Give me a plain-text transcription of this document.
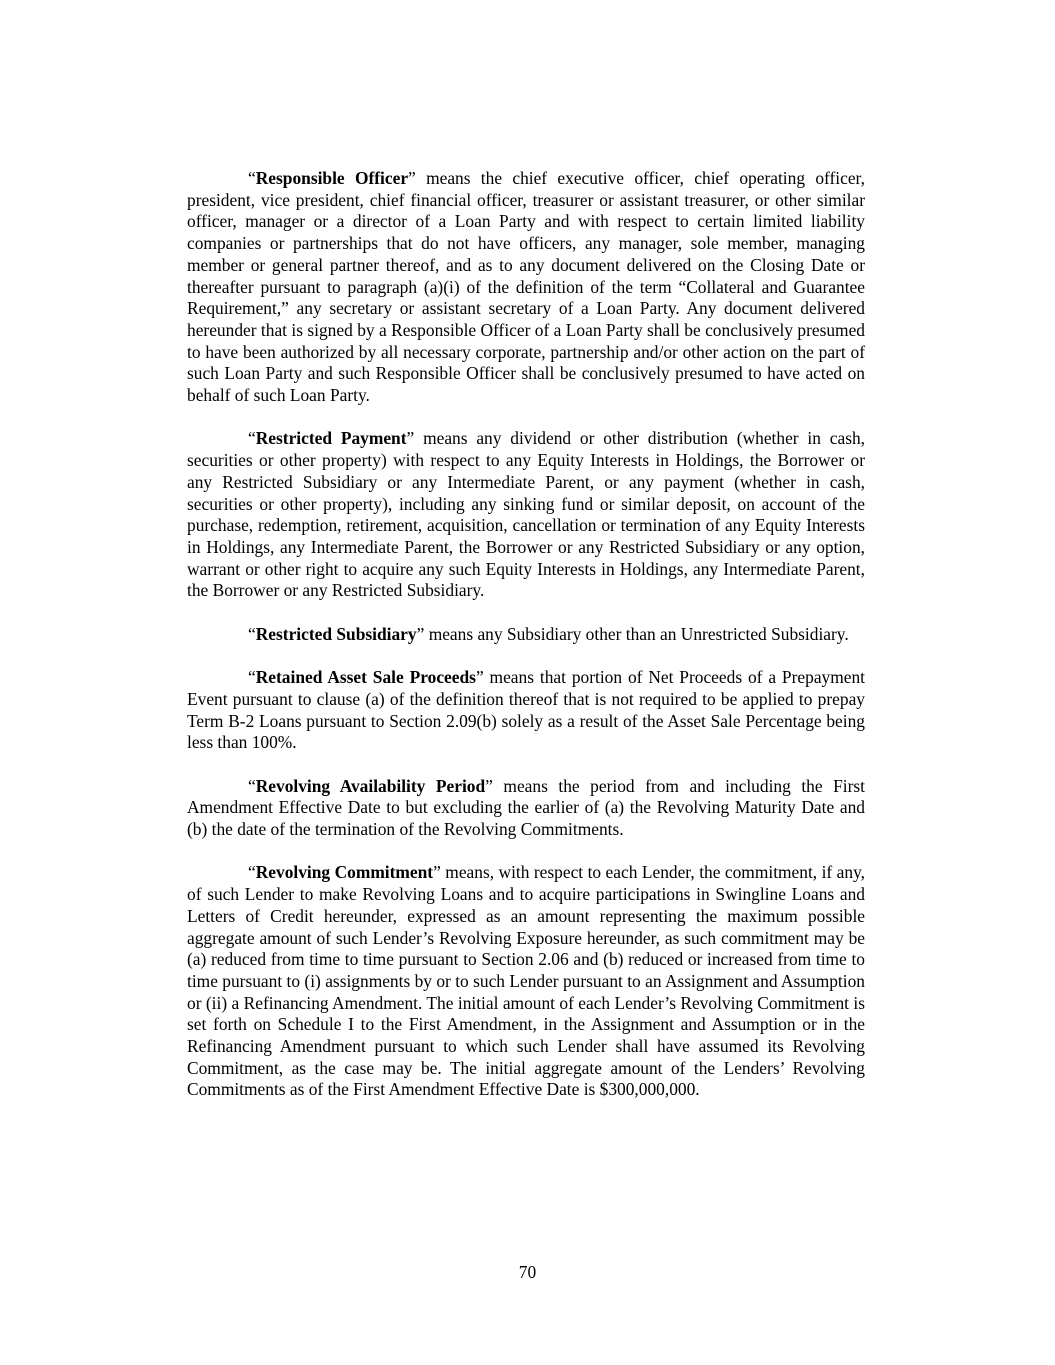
“Responsible Officer” means the chief executive officer, chief operating officer, president, vice president, chief financial officer, treasurer or assistant treasurer, or other similar officer, manager or a director of a Loan Party and with respect to certain limited liability companies or partnerships that do not have officers, any manager, sole member, managing member or general partner thereof, and as to any document delivered on the Closing Date or thereafter pursuant to paragraph (a)(i) of the definition of the term “Collateral and Guarantee Requirement,” any secretary or assistant secretary of a Loan Party. Any document delivered hereunder that is signed by a Responsible Officer of a Loan Party shall be conclusively presumed to have been authorized by all necessary corporate, partnership and/or other action on the part of such Loan Party and such Responsible Officer shall be conclusively presumed to have acted on behalf of such Loan Party.

“Restricted Payment” means any dividend or other distribution (whether in cash, securities or other property) with respect to any Equity Interests in Holdings, the Borrower or any Restricted Subsidiary or any Intermediate Parent, or any payment (whether in cash, securities or other property), including any sinking fund or similar deposit, on account of the purchase, redemption, retirement, acquisition, cancellation or termination of any Equity Interests in Holdings, any Intermediate Parent, the Borrower or any Restricted Subsidiary or any option, warrant or other right to acquire any such Equity Interests in Holdings, any Intermediate Parent, the Borrower or any Restricted Subsidiary.

“Restricted Subsidiary” means any Subsidiary other than an Unrestricted Subsidiary.

“Retained Asset Sale Proceeds” means that portion of Net Proceeds of a Prepayment Event pursuant to clause (a) of the definition thereof that is not required to be applied to prepay Term B-2 Loans pursuant to Section 2.09(b) solely as a result of the Asset Sale Percentage being less than 100%.

“Revolving Availability Period” means the period from and including the First Amendment Effective Date to but excluding the earlier of (a) the Revolving Maturity Date and (b) the date of the termination of the Revolving Commitments.

“Revolving Commitment” means, with respect to each Lender, the commitment, if any, of such Lender to make Revolving Loans and to acquire participations in Swingline Loans and Letters of Credit hereunder, expressed as an amount representing the maximum possible aggregate amount of such Lender’s Revolving Exposure hereunder, as such commitment may be (a) reduced from time to time pursuant to Section 2.06 and (b) reduced or increased from time to time pursuant to (i) assignments by or to such Lender pursuant to an Assignment and Assumption or (ii) a Refinancing Amendment. The initial amount of each Lender’s Revolving Commitment is set forth on Schedule I to the First Amendment, in the Assignment and Assumption or in the Refinancing Amendment pursuant to which such Lender shall have assumed its Revolving Commitment, as the case may be. The initial aggregate amount of the Lenders’ Revolving Commitments as of the First Amendment Effective Date is $300,000,000.

70
